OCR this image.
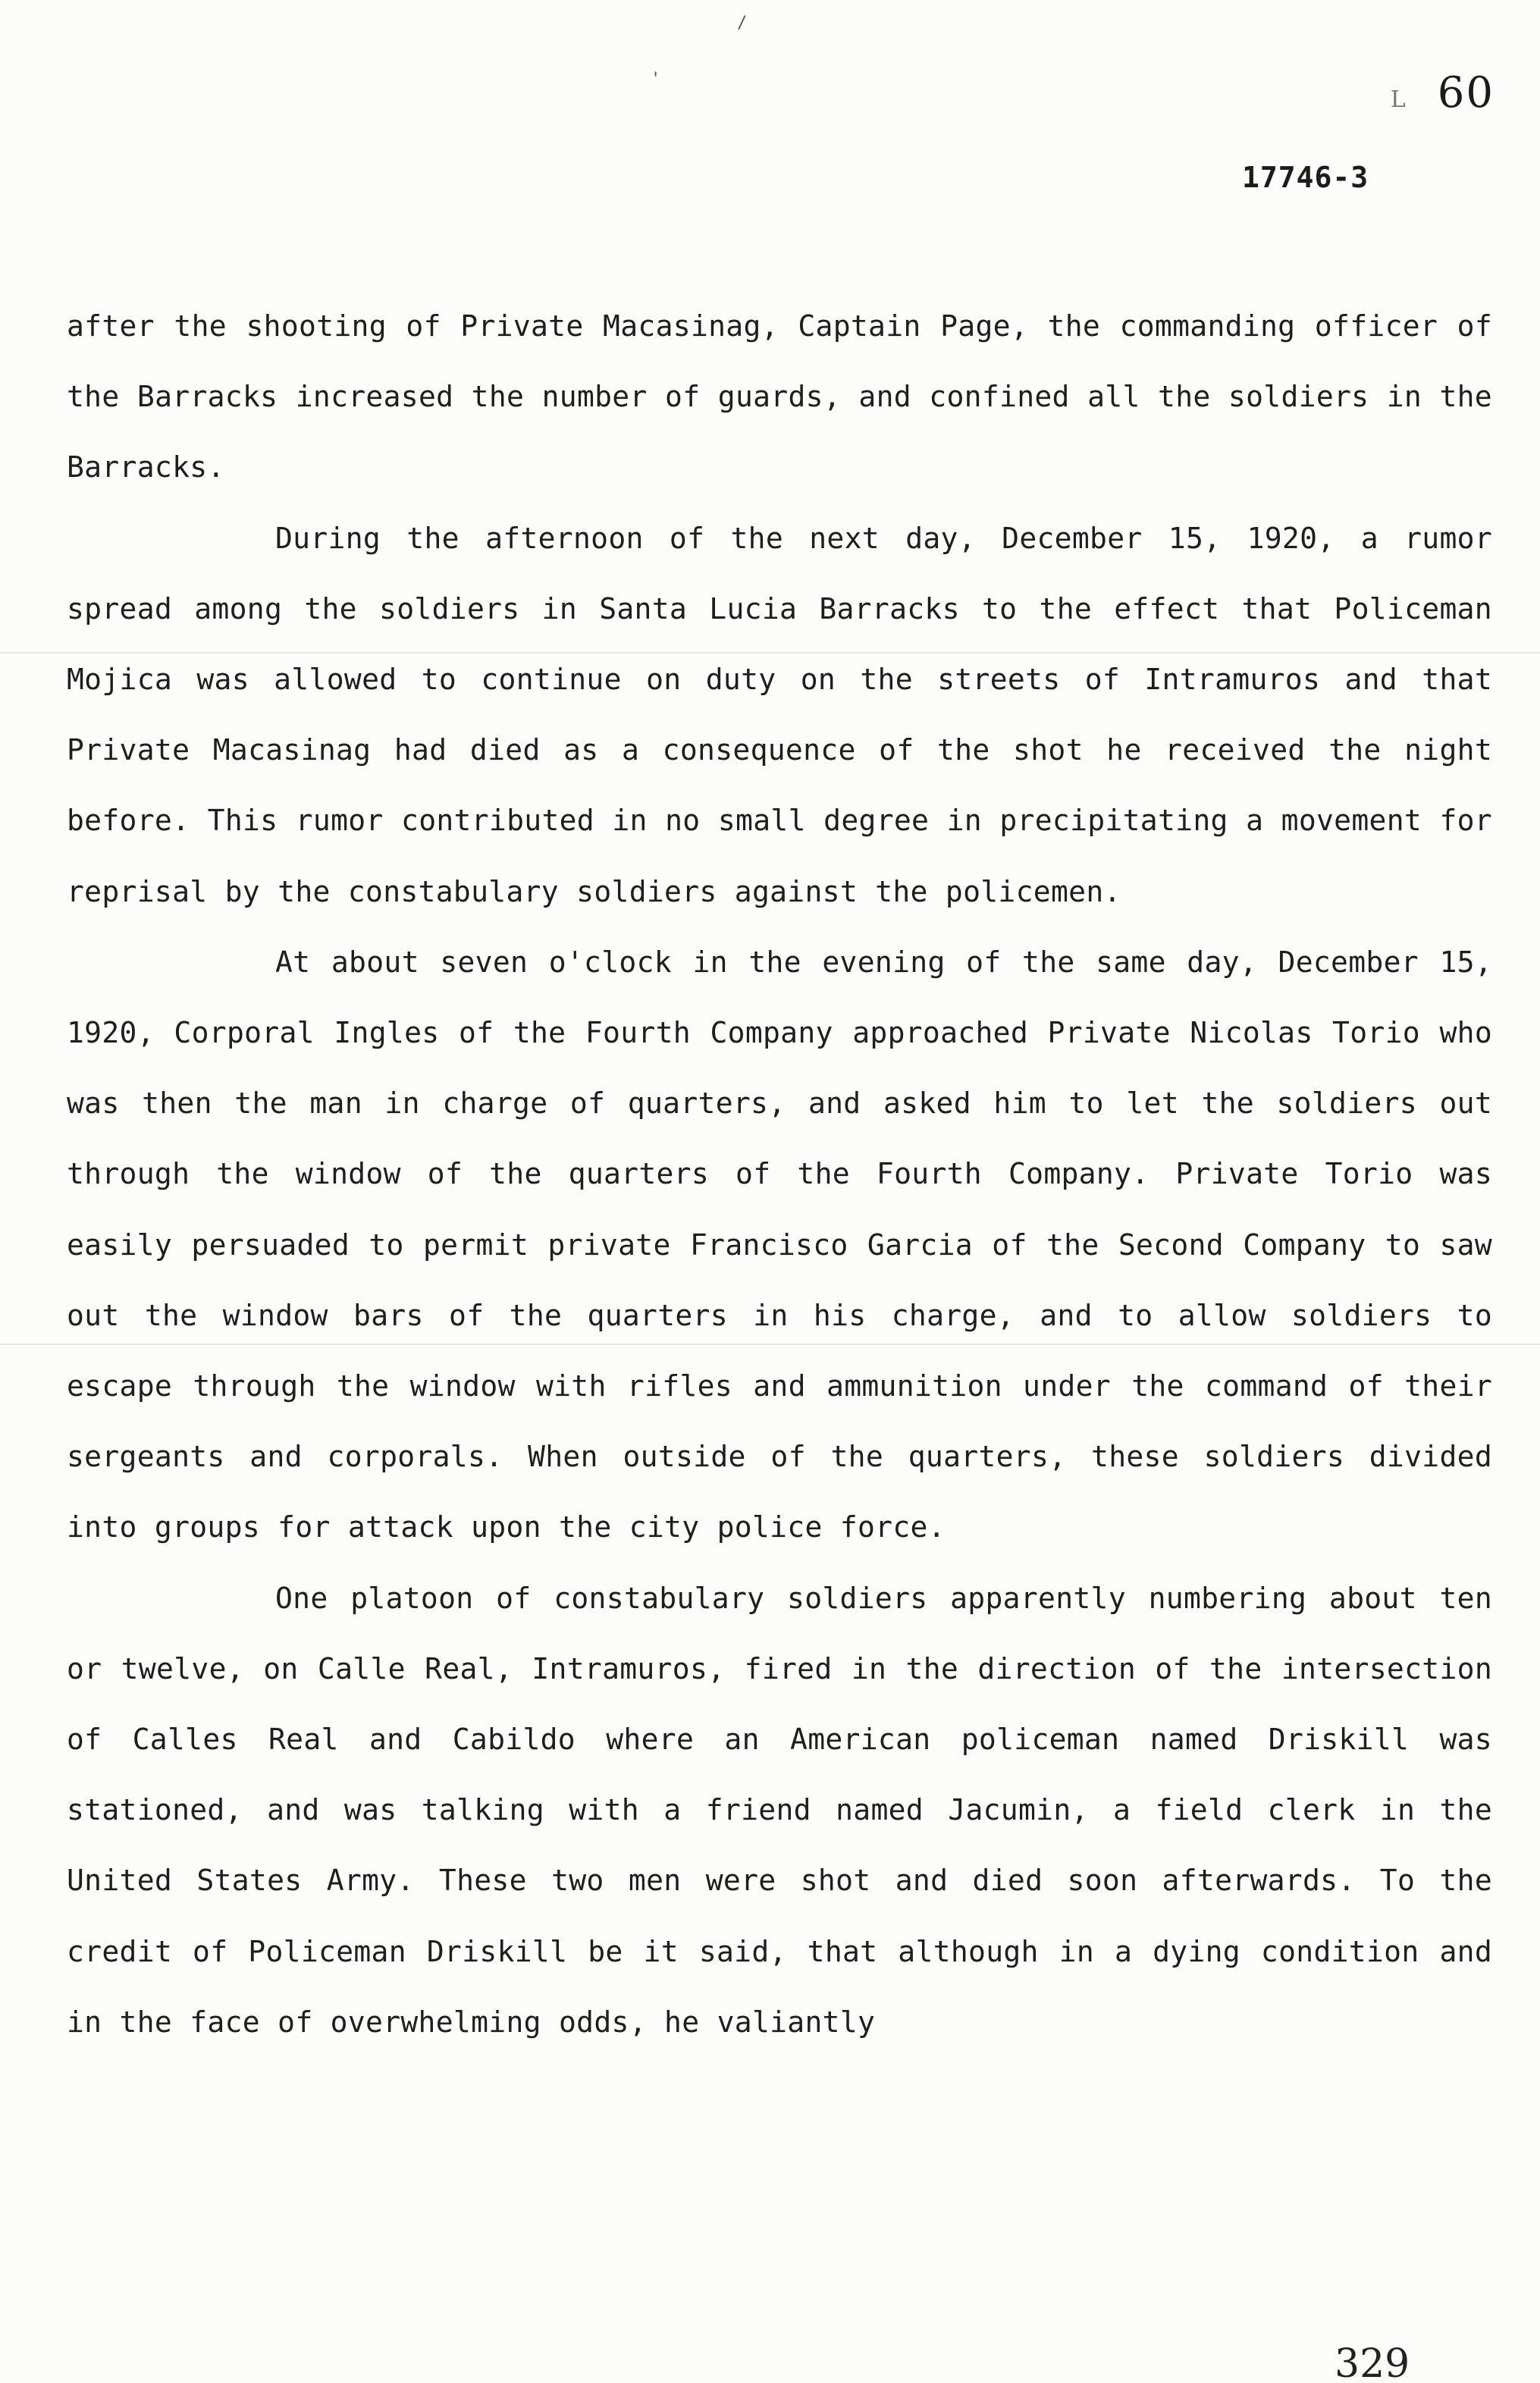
/
'
L 60
17746-3

after the shooting of Private Macasinag, Captain Page, the commanding officer of the Barracks increased the number of guards, and confined all the soldiers in the Barracks.

During the afternoon of the next day, December 15, 1920, a rumor spread among the soldiers in Santa Lucia Barracks to the effect that Policeman Mojica was allowed to continue on duty on the streets of Intramuros and that Private Macasinag had died as a consequence of the shot he received the night before. This rumor contributed in no small degree in precipitating a movement for reprisal by the constabulary soldiers against the policemen.

At about seven o'clock in the evening of the same day, December 15, 1920, Corporal Ingles of the Fourth Company approached Private Nicolas Torio who was then the man in charge of quarters, and asked him to let the soldiers out through the window of the quarters of the Fourth Company. Private Torio was easily persuaded to permit private Francisco Garcia of the Second Company to saw out the window bars of the quarters in his charge, and to allow soldiers to escape through the window with rifles and ammunition under the command of their sergeants and corporals. When outside of the quarters, these soldiers divided into groups for attack upon the city police force.

One platoon of constabulary soldiers apparently numbering about ten or twelve, on Calle Real, Intramuros, fired in the direction of the intersection of Calles Real and Cabildo where an American policeman named Driskill was stationed, and was talking with a friend named Jacumin, a field clerk in the United States Army. These two men were shot and died soon afterwards. To the credit of Policeman Driskill be it said, that although in a dying condition and in the face of overwhelming odds, he valiantly

329
